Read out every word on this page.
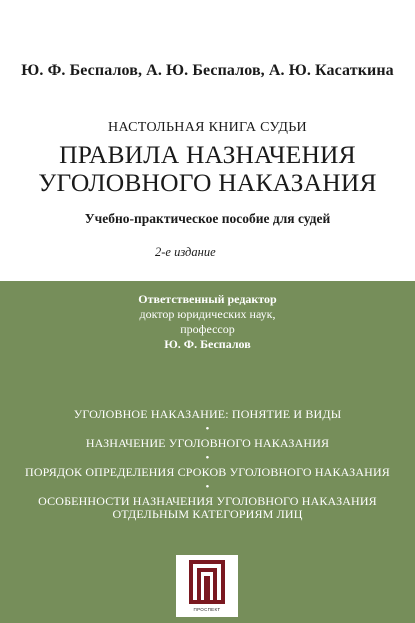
Ю. Ф. Беспалов, А. Ю. Беспалов, А. Ю. Касаткина
НАСТОЛЬНАЯ КНИГА СУДЬИ
ПРАВИЛА НАЗНАЧЕНИЯ
УГОЛОВНОГО НАКАЗАНИЯ
Учебно-практическое пособие для судей
2-е издание
Ответственный редактор
доктор юридических наук,
профессор
Ю. Ф. Беспалов
УГОЛОВНОЕ НАКАЗАНИЕ: ПОНЯТИЕ И ВИДЫ
•
НАЗНАЧЕНИЕ УГОЛОВНОГО НАКАЗАНИЯ
•
ПОРЯДОК ОПРЕДЕЛЕНИЯ СРОКОВ УГОЛОВНОГО НАКАЗАНИЯ
•
ОСОБЕННОСТИ НАЗНАЧЕНИЯ УГОЛОВНОГО НАКАЗАНИЯ
ОТДЕЛЬНЫМ КАТЕГОРИЯМ ЛИЦ
ПРОСПЕКТ
